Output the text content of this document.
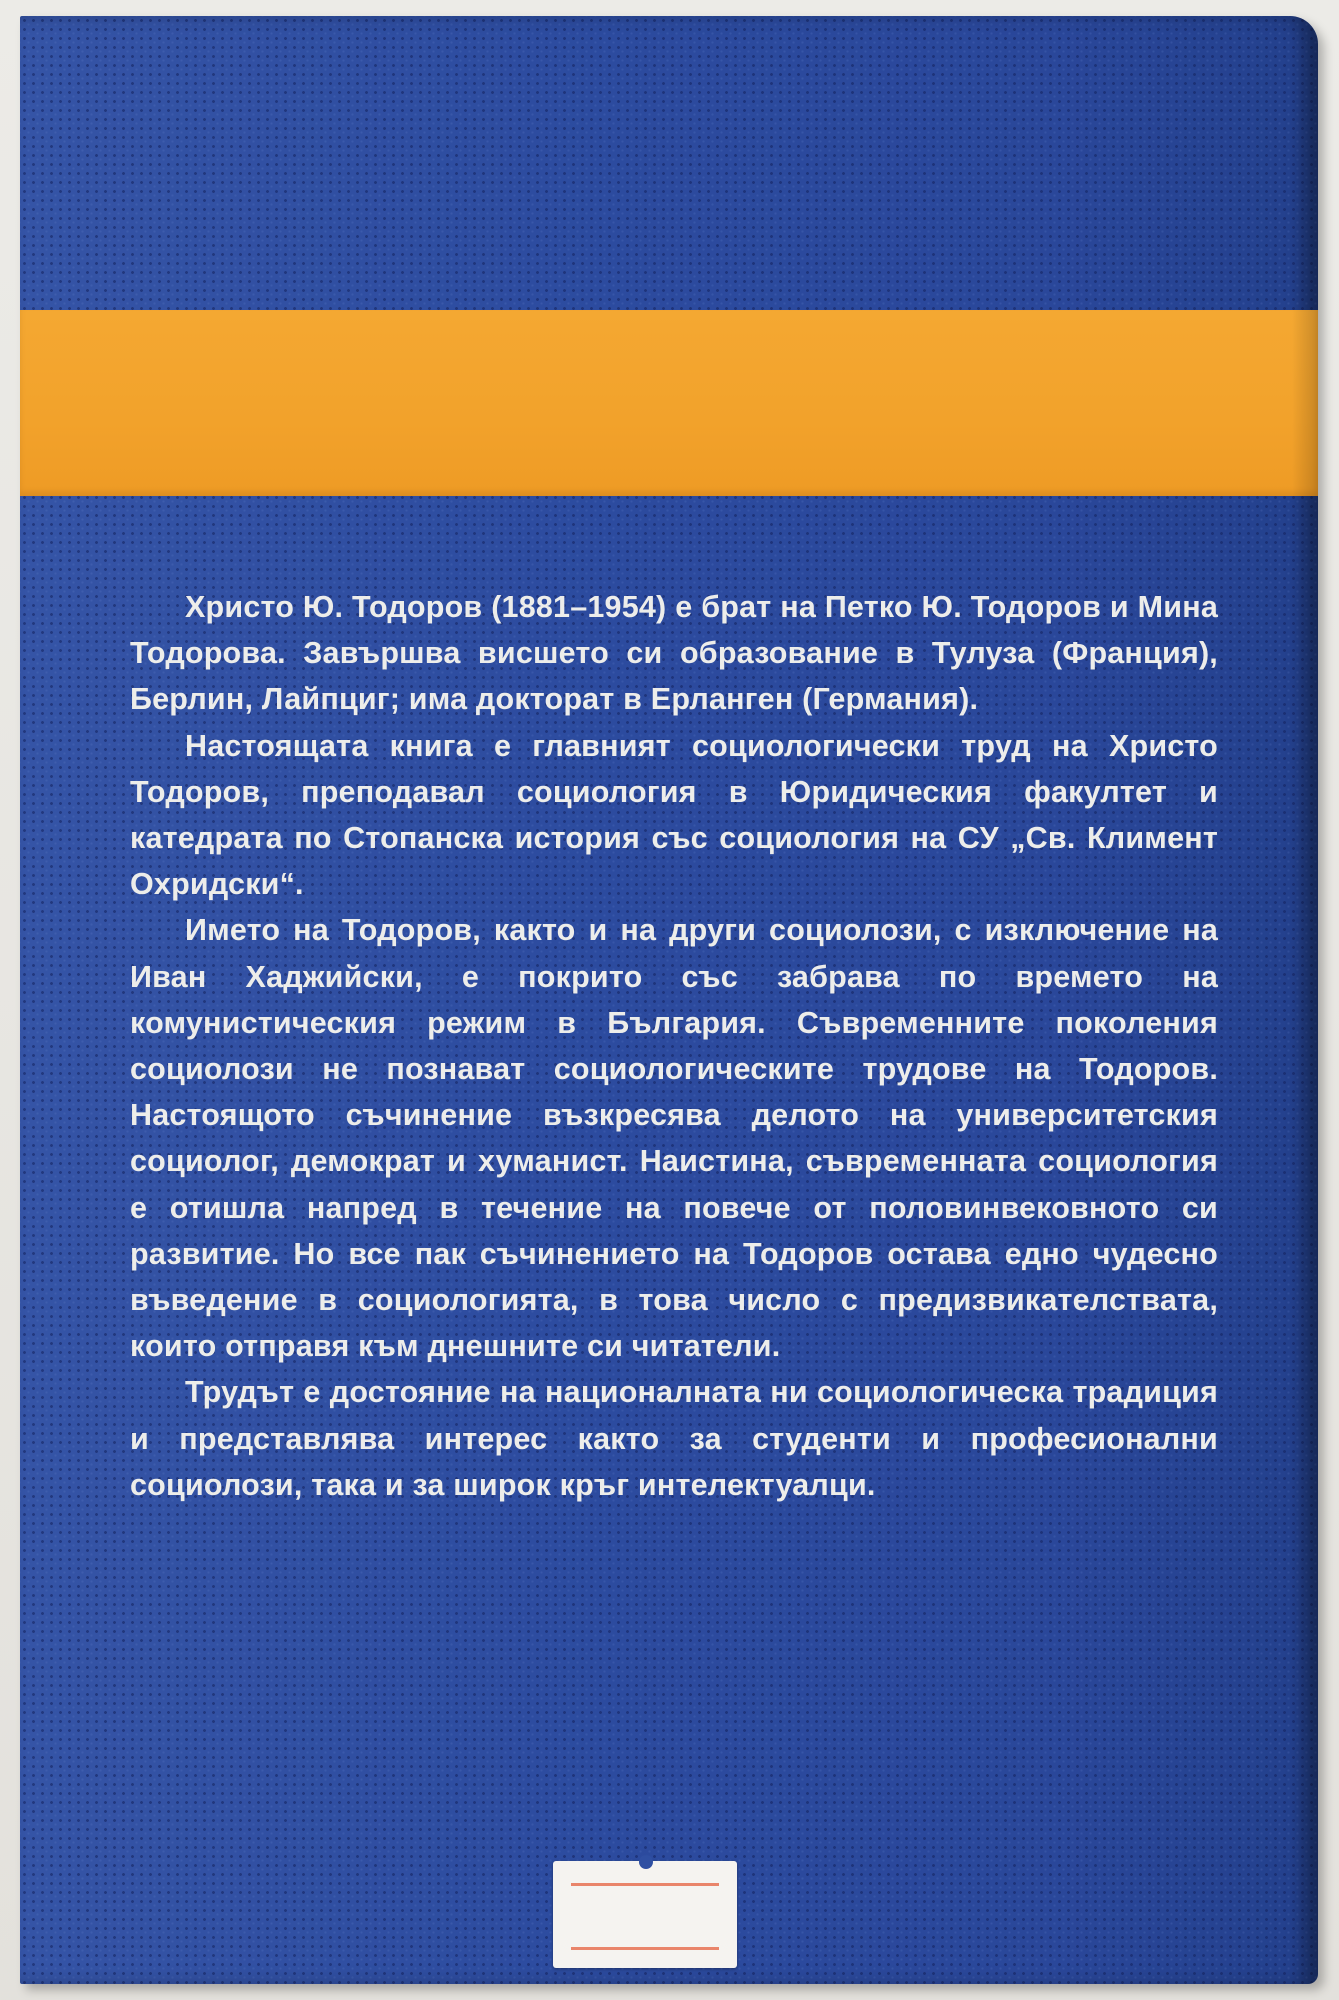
Христо Ю. Тодоров (1881–1954) е брат на Петко Ю. Тодоров и Мина Тодорова. Завършва висшето си образование в Тулуза (Франция), Берлин, Лайпциг; има докторат в Ерланген (Германия).

Настоящата книга е главният социологически труд на Христо Тодоров, преподавал социология в Юридическия факултет и катедрата по Стопанска история със социология на СУ „Св. Климент Охридски“.

Името на Тодоров, както и на други социолози, с изключение на Иван Хаджийски, е покрито със забрава по времето на комунистическия режим в България. Съвременните поколения социолози не познават социологическите трудове на Тодоров. Настоящото съчинение възкресява делото на университетския социолог, демократ и хуманист. Наистина, съвременната социология е отишла напред в течение на повече от половинвековното си развитие. Но все пак съчинението на Тодоров остава едно чудесно въведение в социологията, в това число с предизвикателствата, които отправя към днешните си читатели.

Трудът е достояние на националната ни социологическа традиция и представлява интерес както за студенти и професионални социолози, така и за широк кръг интелектуалци.
